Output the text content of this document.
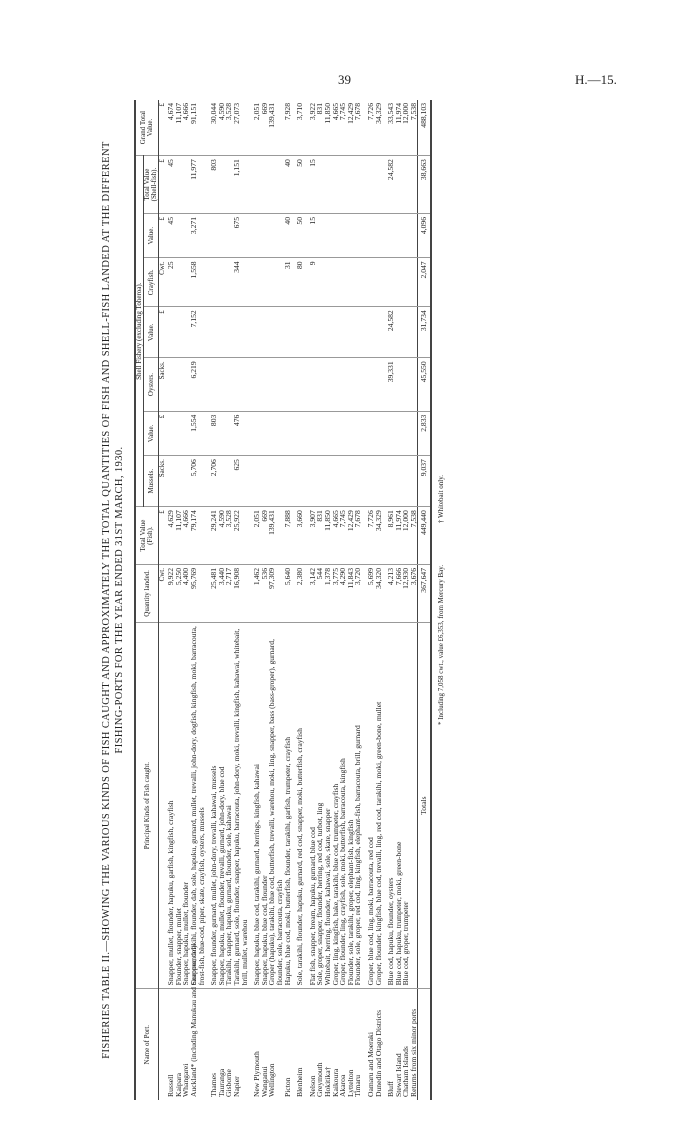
39	H.—15.
FISHERIES TABLE II.—SHOWING THE VARIOUS KINDS OF FISH CAUGHT AND APPROXIMATELY THE TOTAL QUANTITIES OF FISH AND SHELL-FISH LANDED AT THE DIFFERENT FISHING-PORTS FOR THE YEAR ENDED 31ST MARCH, 1930.
Name of Port.	Principal Kinds of Fish caught.	Quantity landed.	Total Value (Fish).	Shell Fishery (excluding Toheroa).							Grand Total Value.
				Mussels.	Value.	Oysters.	Value.	Crayfish.	Value.	Total Value (Shell-fish).	
		Cwt.	£	Sacks.	£	Sacks.	£	Cwt.	£	£	£
Russell	Snapper, mullet, flounder, hapuku, garfish, kingfish, crayfish	9,922	4,629					25	45	45	4,674
Kaipara	Flounder, snapper, mullet	5,250	11,107								11,107
Whangarei	Snapper, hapuku, mullet, flounder	4,400	4,666								4,666
Auckland* (including Manukau and Coromandel)	Snapper, tarakihi, flounder, dab, sole, hapuku, gurnard, mullet, trevalli, john-dory, dogfish, kingfish, moki, barracouta, frost-fish, blue-cod, piper, skate, crayfish, oysters, mussels	95,769	79,174	5,706	1,554	6,219	7,152	1,558	3,271	11,977	91,151

Thames	Snapper, flounder, gurnard, mullet, john-dory, trevalli, kahawai, mussels	25,481	29,241	2,706	803					803	30,044
Tauranga	Snapper, hapuku, mullet, flounder, trevalli, gurnard, john-dory, blue cod	3,440	4,590								4,590
Gisborne	Tarakihi, snapper, hapuku, gurnard, flounder, sole, kahawai	2,717	3,528								3,528
Napier	Tarakihi, gurnard, sole, flounder, snapper, hapuku, barracouta, john-dory, moki, trevalli, kingfish, kahawai, whitebait, brill, mullet, warehou	16,908	25,922	625	476			344	675	1,151	27,073

New Plymouth	Snapper, hapuku, blue cod, tarakihi, gurnard, herrings, kingfish, kahawai	1,462	2,051								2,051
Wanganui	Snapper, hapuku, blue cod, flounder	536	669								669
Wellington	Groper (hapuku), tarakihi, blue cod, butterfish, trevalli, warehou, moki, ling, snapper, bass (bass-groper), gurnard, flounder, sole, barracouta, crayfish	97,309	139,431								139,431
Picton	Hapuku, blue cod, moki, butterfish, flounder, tarakihi, garfish, trumpeter, crayfish	5,640	7,888					31	40	40	7,928

Blenheim	Sole, tarakihi, flounder, hapuku, gurnard, red cod, snapper, moki, butterfish, crayfish	2,380	3,660					80	50	50	3,710

Nelson	Flat fish, snapper, bream, hapuku, gurnard, blue cod	3,142	3,907					9	15	15	3,922
Greymouth	Sole, groper, snapper, flounder, herring, red cod, turbot, ling	544	831								831
Hokitika†	Whitebait, herring, flounder, kahawai, sole, skate, snapper	1,378	11,850								11,850
Kaikoura	Groper, ling, kingfish, hake, tarakihi, blue cod, trumpeter, crayfish	3,775	4,665								4,665
Akaroa	Groper, flounder, ling, crayfish, sole, moki, butterfish, barracouta, kingfish	4,290	7,745								7,745
Lyttelton	Flounder, sole, tarakihi, groper, elephant-fish, kingfish	11,843	12,429								12,429
Timaru	Flounder, sole, groper, red cod, ling, kingfish, elephant-fish, barracouta, brill, gurnard	3,720	7,678								7,678

Oamaru and Moeraki	Groper, blue cod, ling, moki, barracouta, red cod	5,699	7,726								7,726
Dunedin and Otago Districts	Groper, flounder, kingfish, blue cod, trevalli, ling, red cod, tarakihi, moki, green-bone, mullet	34,320	34,329								34,329

Bluff	Blue cod, hapuku, flounder, oysters	4,213	8,961			39,331	24,582			24,582	33,543
Stewart Island	Blue cod, hapuku, trumpeter, moki, green-bone	7,666	11,974								11,974
Chatham Islands	Blue cod, groper, trumpeter	12,930	12,000								12,000
Returns from six minor ports		3,676	7,538								7,538
	Totals	367,647	449,440	9,037	2,833	45,550	31,734	2,047	4,096	38,663	488,103
* Including 7,058 cwt., value £6,353, from Mercury Bay. † Whitebait only.
